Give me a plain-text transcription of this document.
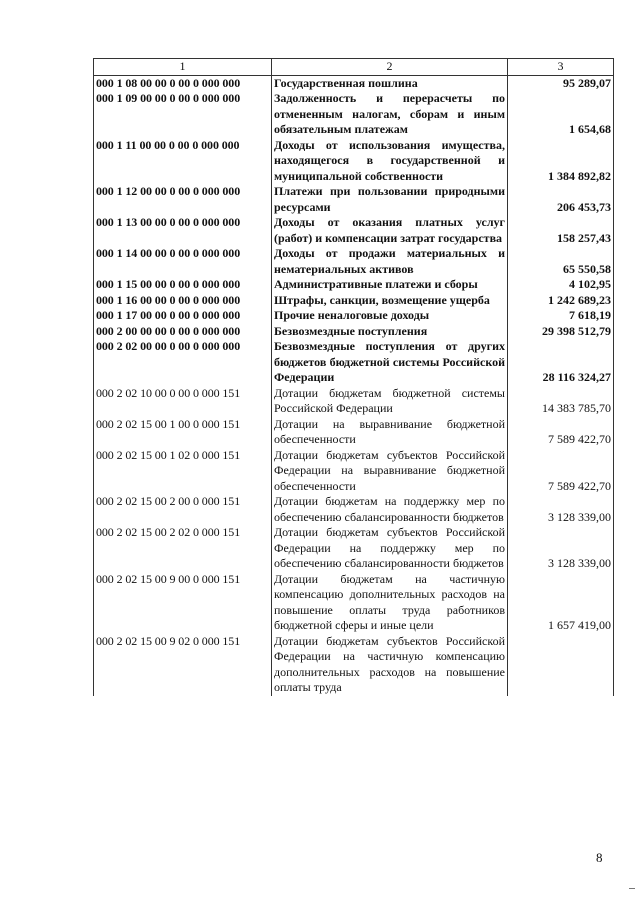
1	2	3
000 1 08 00 00 0 00 0 000 000	Государственная пошлина	95 289,07
000 1 09 00 00 0 00 0 000 000	Задолженность и перерасчеты по отмененным налогам, сборам и иным обязательным платежам	1 654,68
000 1 11 00 00 0 00 0 000 000	Доходы от использования имущества, находящегося в государственной и муниципальной собственности	1 384 892,82
000 1 12 00 00 0 00 0 000 000	Платежи при пользовании природными ресурсами	206 453,73
000 1 13 00 00 0 00 0 000 000	Доходы от оказания платных услуг (работ) и компенсации затрат государства	158 257,43
000 1 14 00 00 0 00 0 000 000	Доходы от продажи материальных и нематериальных активов	65 550,58
000 1 15 00 00 0 00 0 000 000	Административные платежи и сборы	4 102,95
000 1 16 00 00 0 00 0 000 000	Штрафы, санкции, возмещение ущерба	1 242 689,23
000 1 17 00 00 0 00 0 000 000	Прочие неналоговые доходы	7 618,19
000 2 00 00 00 0 00 0 000 000	Безвозмездные поступления	29 398 512,79
000 2 02 00 00 0 00 0 000 000	Безвозмездные поступления от других бюджетов бюджетной системы Российской Федерации	28 116 324,27
000 2 02 10 00 0 00 0 000 151	Дотации бюджетам бюджетной системы Российской Федерации	14 383 785,70
000 2 02 15 00 1 00 0 000 151	Дотации на выравнивание бюджетной обеспеченности	7 589 422,70
000 2 02 15 00 1 02 0 000 151	Дотации бюджетам субъектов Российской Федерации на выравнивание бюджетной обеспеченности	7 589 422,70
000 2 02 15 00 2 00 0 000 151	Дотации бюджетам на поддержку мер по обеспечению сбалансированности бюджетов	3 128 339,00
000 2 02 15 00 2 02 0 000 151	Дотации бюджетам субъектов Российской Федерации на поддержку мер по обеспечению сбалансированности бюджетов	3 128 339,00
000 2 02 15 00 9 00 0 000 151	Дотации бюджетам на частичную компенсацию дополнительных расходов на повышение оплаты труда работников бюджетной сферы и иные цели	1 657 419,00
000 2 02 15 00 9 02 0 000 151	Дотации бюджетам субъектов Российской Федерации на частичную компенсацию дополнительных расходов на повышение оплаты труда	
8
